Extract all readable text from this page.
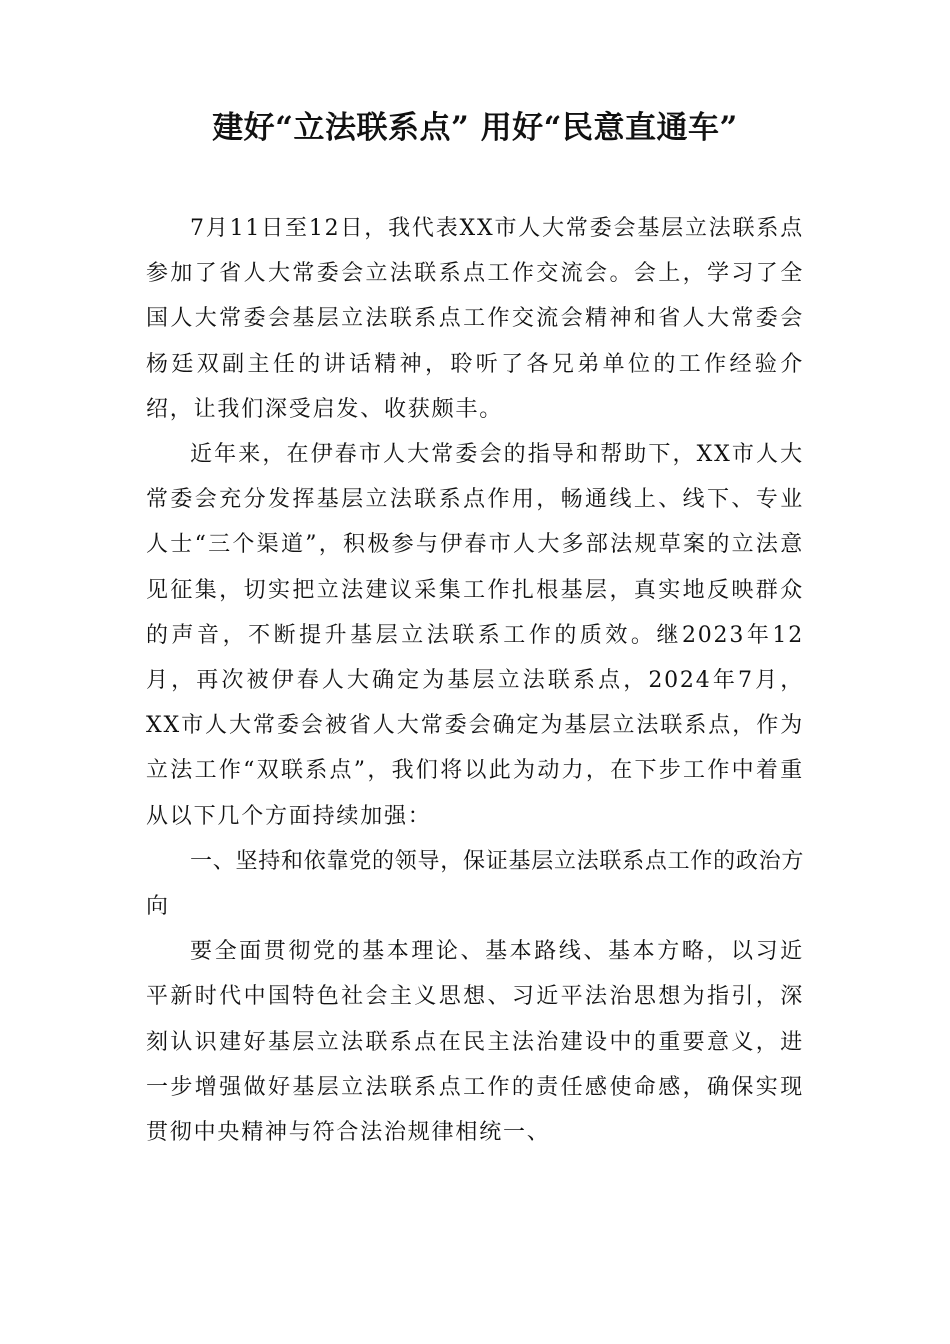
建好“立法联系点” 用好“民意直通车”

7月11日至12日，我代表XX市人大常委会基层立法联系点参加了省人大常委会立法联系点工作交流会。会上，学习了全国人大常委会基层立法联系点工作交流会精神和省人大常委会杨廷双副主任的讲话精神，聆听了各兄弟单位的工作经验介绍，让我们深受启发、收获颇丰。

近年来，在伊春市人大常委会的指导和帮助下，XX市人大常委会充分发挥基层立法联系点作用，畅通线上、线下、专业人士“三个渠道”，积极参与伊春市人大多部法规草案的立法意见征集，切实把立法建议采集工作扎根基层，真实地反映群众的声音，不断提升基层立法联系工作的质效。继2023年12月，再次被伊春人大确定为基层立法联系点，2024年7月，XX市人大常委会被省人大常委会确定为基层立法联系点，作为立法工作“双联系点”，我们将以此为动力，在下步工作中着重从以下几个方面持续加强：

一、坚持和依靠党的领导，保证基层立法联系点工作的政治方向

要全面贯彻党的基本理论、基本路线、基本方略，以习近平新时代中国特色社会主义思想、习近平法治思想为指引，深刻认识建好基层立法联系点在民主法治建设中的重要意义，进一步增强做好基层立法联系点工作的责任感使命感，确保实现贯彻中央精神与符合法治规律相统一、
